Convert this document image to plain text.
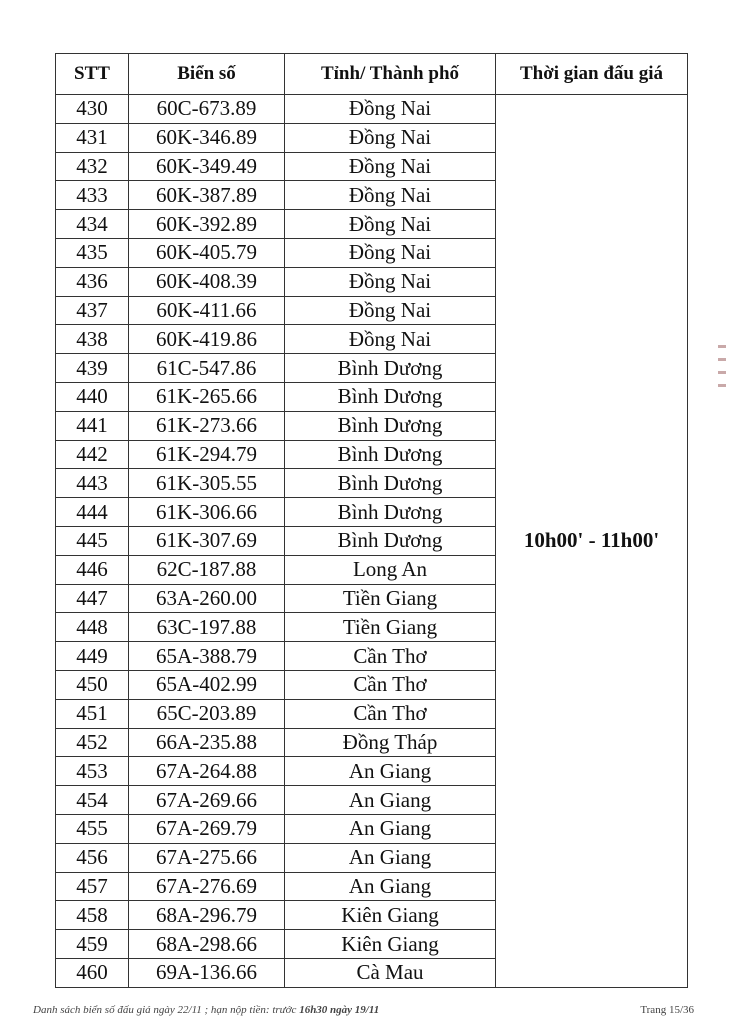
STT	Biển số	Tỉnh/ Thành phố	Thời gian đấu giá
430	60C-673.89	Đồng Nai	10h00' - 11h00'
431	60K-346.89	Đồng Nai	
432	60K-349.49	Đồng Nai	
433	60K-387.89	Đồng Nai	
434	60K-392.89	Đồng Nai	
435	60K-405.79	Đồng Nai	
436	60K-408.39	Đồng Nai	
437	60K-411.66	Đồng Nai	
438	60K-419.86	Đồng Nai	
439	61C-547.86	Bình Dương	
440	61K-265.66	Bình Dương	
441	61K-273.66	Bình Dương	
442	61K-294.79	Bình Dương	
443	61K-305.55	Bình Dương	
444	61K-306.66	Bình Dương	
445	61K-307.69	Bình Dương	
446	62C-187.88	Long An	
447	63A-260.00	Tiền Giang	
448	63C-197.88	Tiền Giang	
449	65A-388.79	Cần Thơ	
450	65A-402.99	Cần Thơ	
451	65C-203.89	Cần Thơ	
452	66A-235.88	Đồng Tháp	
453	67A-264.88	An Giang	
454	67A-269.66	An Giang	
455	67A-269.79	An Giang	
456	67A-275.66	An Giang	
457	67A-276.69	An Giang	
458	68A-296.79	Kiên Giang	
459	68A-298.66	Kiên Giang	
460	69A-136.66	Cà Mau	
Danh sách biển số đấu giá ngày 22/11 ; hạn nộp tiền: trước 16h30 ngày 19/11	Trang 15/36
